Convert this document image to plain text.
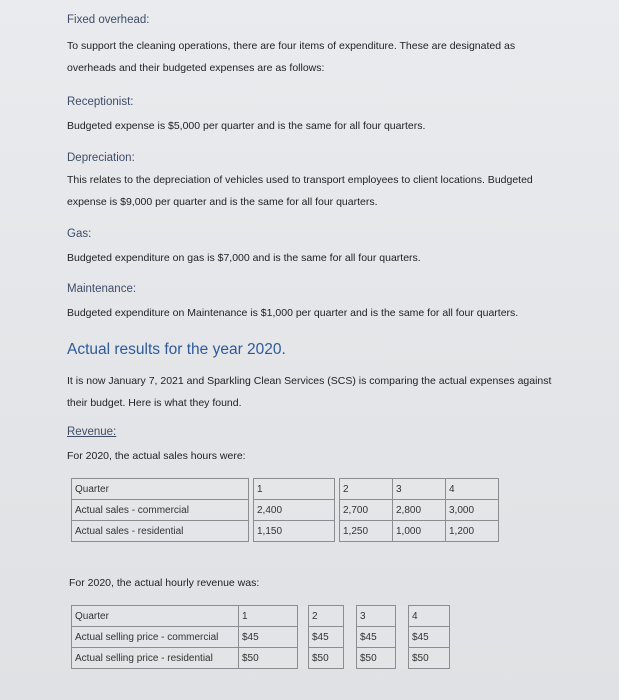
Fixed overhead:
To support the cleaning operations, there are four items of expenditure. These are designated as
overheads and their budgeted expenses are as follows:
Receptionist:
Budgeted expense is $5,000 per quarter and is the same for all four quarters.
Depreciation:
This relates to the depreciation of vehicles used to transport employees to client locations. Budgeted
expense is $9,000 per quarter and is the same for all four quarters.
Gas:
Budgeted expenditure on gas is $7,000 and is the same for all four quarters.
Maintenance:
Budgeted expenditure on Maintenance is $1,000 per quarter and is the same for all four quarters.
Actual results for the year 2020.
It is now January 7, 2021 and Sparkling Clean Services (SCS) is comparing the actual expenses against
their budget. Here is what they found.
Revenue:
For 2020, the actual sales hours were:
Quarter		1		2	3	4
Actual sales - commercial		2,400		2,700	2,800	3,000
Actual sales - residential		1,150		1,250	1,000	1,200
For 2020, the actual hourly revenue was:
Quarter	1		2		3		4
Actual selling price - commercial	$45		$45		$45		$45
Actual selling price - residential	$50		$50		$50		$50
